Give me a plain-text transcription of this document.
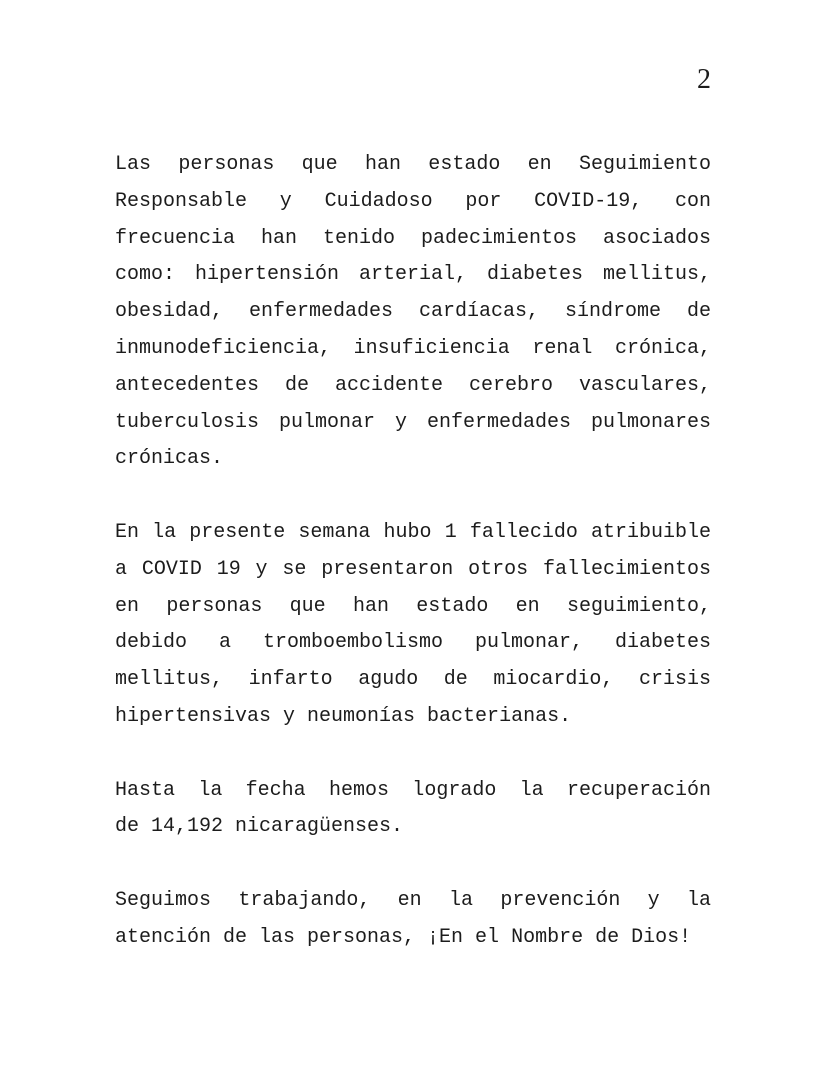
2
Las personas que han estado en Seguimiento
Responsable y Cuidadoso por COVID-19, con
frecuencia han tenido padecimientos asociados
como: hipertensión arterial, diabetes mellitus,
obesidad, enfermedades cardíacas, síndrome de
inmunodeficiencia, insuficiencia renal crónica,
antecedentes de accidente cerebro vasculares,
tuberculosis pulmonar y enfermedades pulmonares
crónicas.
En la presente semana hubo 1 fallecido atribuible
a COVID 19 y se presentaron otros fallecimientos
en personas que han estado en seguimiento,
debido a tromboembolismo pulmonar, diabetes
mellitus, infarto agudo de miocardio, crisis
hipertensivas y neumonías bacterianas.
Hasta la fecha hemos logrado la recuperación
de 14,192 nicaragüenses.
Seguimos trabajando, en la prevención y la
atención de las personas, ¡En el Nombre de Dios!
